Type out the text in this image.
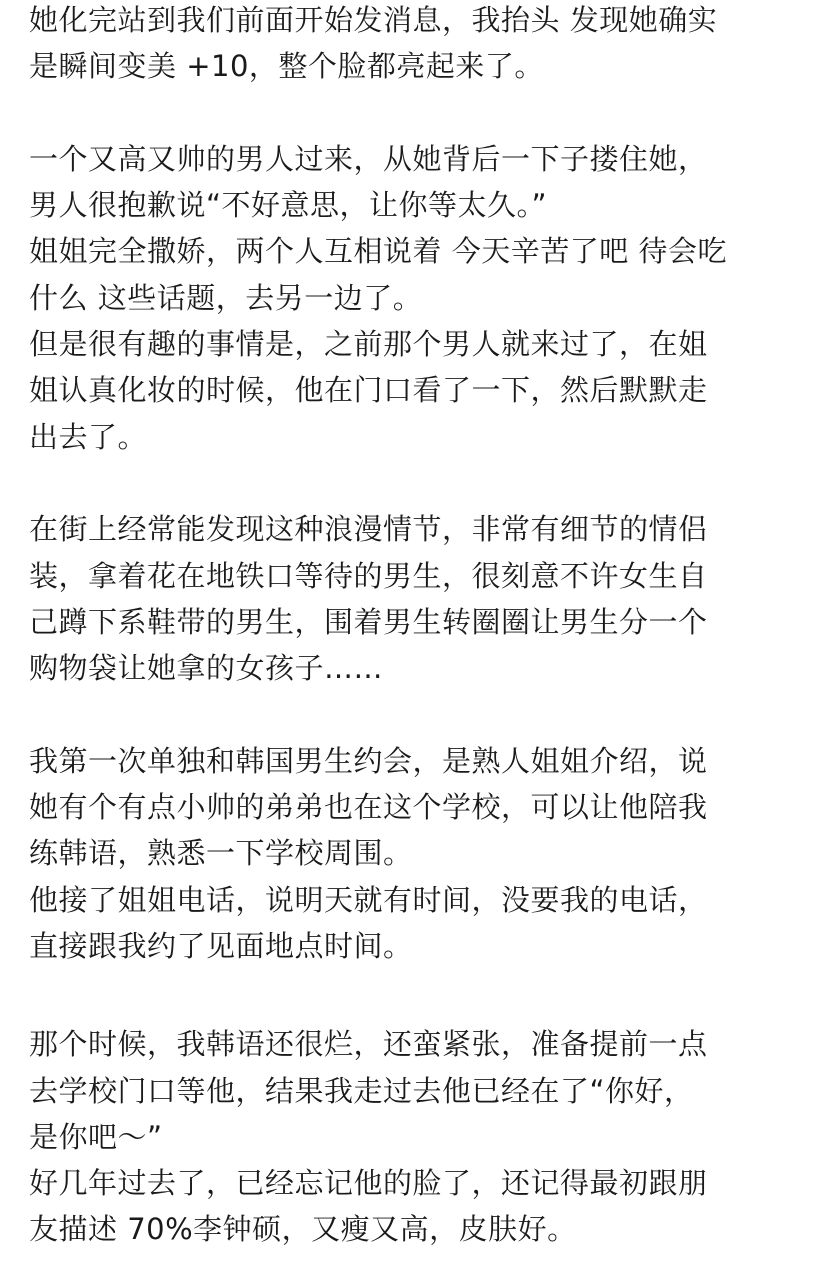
她化完站到我们前面开始发消息，我抬头 发现她确实
是瞬间变美 +10，整个脸都亮起来了。
一个又高又帅的男人过来，从她背后一下子搂住她，
男人很抱歉说“不好意思，让你等太久。”
姐姐完全撒娇，两个人互相说着 今天辛苦了吧 待会吃
什么 这些话题，去另一边了。
但是很有趣的事情是，之前那个男人就来过了，在姐
姐认真化妆的时候，他在门口看了一下，然后默默走
出去了。
在街上经常能发现这种浪漫情节，非常有细节的情侣
装，拿着花在地铁口等待的男生，很刻意不许女生自
己蹲下系鞋带的男生，围着男生转圈圈让男生分一个
购物袋让她拿的女孩子……
我第一次单独和韩国男生约会，是熟人姐姐介绍，说
她有个有点小帅的弟弟也在这个学校，可以让他陪我
练韩语，熟悉一下学校周围。
他接了姐姐电话，说明天就有时间，没要我的电话，
直接跟我约了见面地点时间。
那个时候，我韩语还很烂，还蛮紧张，准备提前一点
去学校门口等他，结果我走过去他已经在了“你好，
是你吧～”
好几年过去了，已经忘记他的脸了，还记得最初跟朋
友描述 70%李钟硕，又瘦又高，皮肤好。
